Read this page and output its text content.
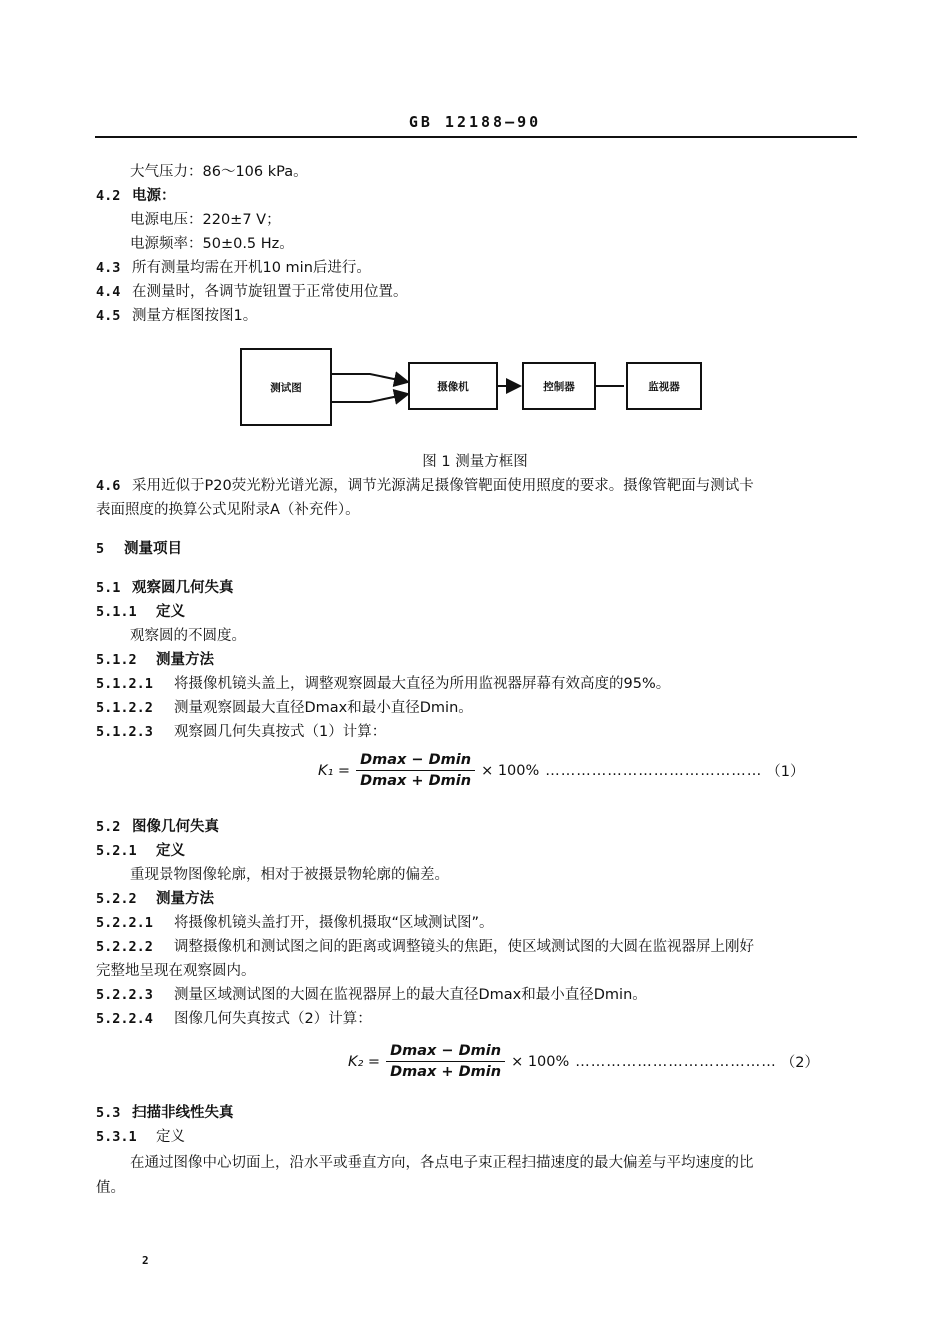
GB 12188—90
大气压力：86～106 kPa。
4.2 电源：
电源电压：220±7 V；
电源频率：50±0.5 Hz。
4.3 所有测量均需在开机10 min后进行。
4.4 在测量时，各调节旋钮置于正常使用位置。
4.5 测量方框图按图1。
测试图	摄像机	控制器	监视器
图 1 测量方框图
4.6 采用近似于P20荧光粉光谱光源，调节光源满足摄像管靶面使用照度的要求。摄像管靶面与测试卡
表面照度的换算公式见附录A（补充件）。
5 测量项目
5.1 观察圆几何失真
5.1.1 定义
观察圆的不圆度。
5.1.2 测量方法
5.1.2.1 将摄像机镜头盖上，调整观察圆最大直径为所用监视器屏幕有效高度的95%。
5.1.2.2 测量观察圆最大直径Dmax和最小直径Dmin。
5.1.2.3 观察圆几何失真按式（1）计算：
$K_1 = \frac{Dmax - Dmin}{Dmax + Dmin} \times 100\%$ …………………………………… （1）
5.2 图像几何失真
5.2.1 定义
重现景物图像轮廓，相对于被摄景物轮廓的偏差。
5.2.2 测量方法
5.2.2.1 将摄像机镜头盖打开，摄像机摄取“区域测试图”。
5.2.2.2 调整摄像机和测试图之间的距离或调整镜头的焦距，使区域测试图的大圆在监视器屏上刚好
完整地呈现在观察圆内。
5.2.2.3 测量区域测试图的大圆在监视器屏上的最大直径Dmax和最小直径Dmin。
5.2.2.4 图像几何失真按式（2）计算：
$K_2 = \frac{Dmax - Dmin}{Dmax + Dmin} \times 100\%$ ………………………………… （2）
5.3 扫描非线性失真
5.3.1 定义
在通过图像中心切面上，沿水平或垂直方向，各点电子束正程扫描速度的最大偏差与平均速度的比
值。
2
